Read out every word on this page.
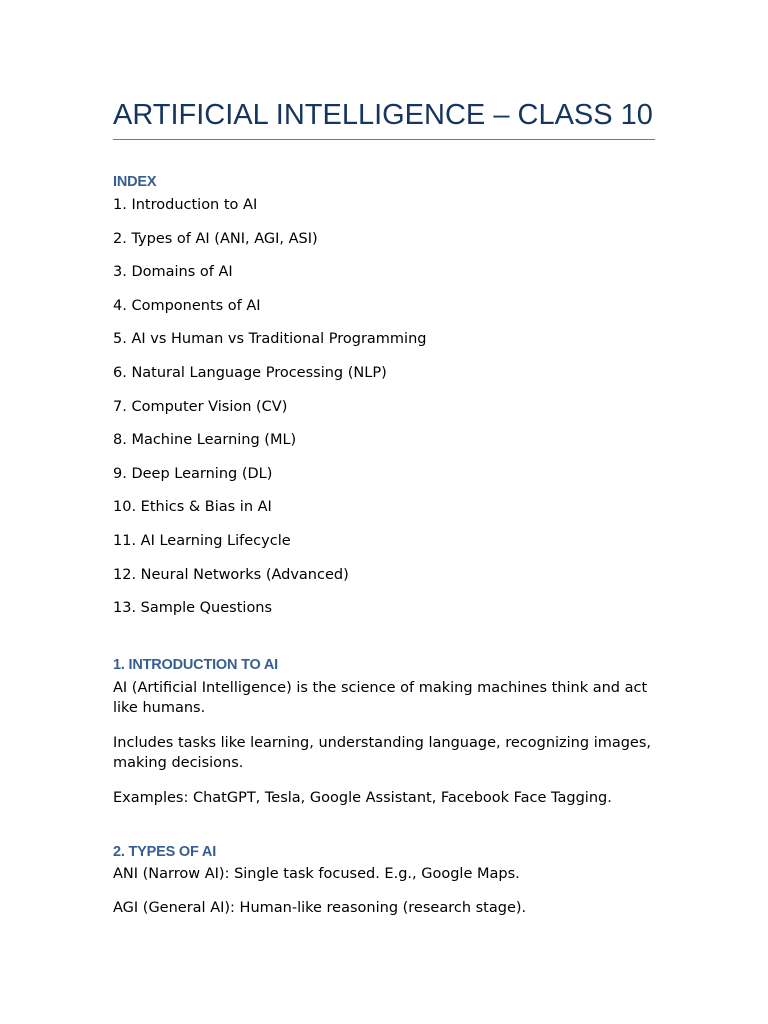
ARTIFICIAL INTELLIGENCE – CLASS 10
INDEX
1. Introduction to AI
2. Types of AI (ANI, AGI, ASI)
3. Domains of AI
4. Components of AI
5. AI vs Human vs Traditional Programming
6. Natural Language Processing (NLP)
7. Computer Vision (CV)
8. Machine Learning (ML)
9. Deep Learning (DL)
10. Ethics & Bias in AI
11. AI Learning Lifecycle
12. Neural Networks (Advanced)
13. Sample Questions
1. INTRODUCTION TO AI

AI (Artificial Intelligence) is the science of making machines think and act like humans.

Includes tasks like learning, understanding language, recognizing images, making decisions.

Examples: ChatGPT, Tesla, Google Assistant, Facebook Face Tagging.

2. TYPES OF AI

ANI (Narrow AI): Single task focused. E.g., Google Maps.

AGI (General AI): Human-like reasoning (research stage).
